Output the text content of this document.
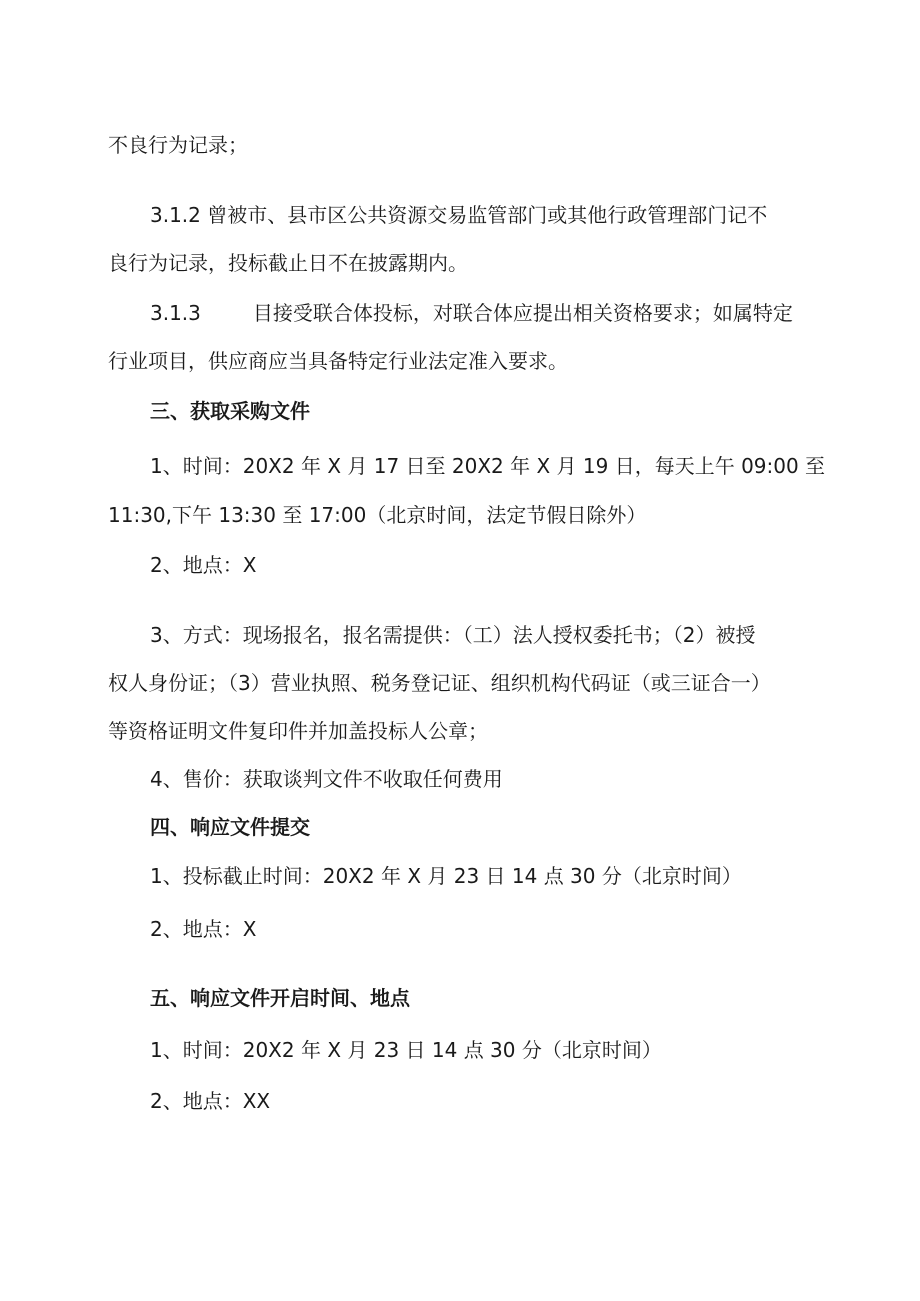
不良行为记录；
3.1.2 曾被市、县市区公共资源交易监管部门或其他行政管理部门记不
良行为记录，投标截止日不在披露期内。
3.1.3	目接受联合体投标，对联合体应提出相关资格要求；如属特定
行业项目，供应商应当具备特定行业法定准入要求。
三、获取采购文件
1、时间：20X2 年 X 月 17 日至 20X2 年 X 月 19 日，每天上午 09:00 至
11:30,下午 13:30 至 17:00（北京时间，法定节假日除外）
2、地点：X
3、方式：现场报名，报名需提供：（工）法人授权委托书；（2）被授
权人身份证；（3）营业执照、税务登记证、组织机构代码证（或三证合一）
等资格证明文件复印件并加盖投标人公章；
4、售价：获取谈判文件不收取任何费用
四、响应文件提交
1、投标截止时间：20X2 年 X 月 23 日 14 点 30 分（北京时间）
2、地点：X
五、响应文件开启时间、地点
1、时间：20X2 年 X 月 23 日 14 点 30 分（北京时间）
2、地点：XX
